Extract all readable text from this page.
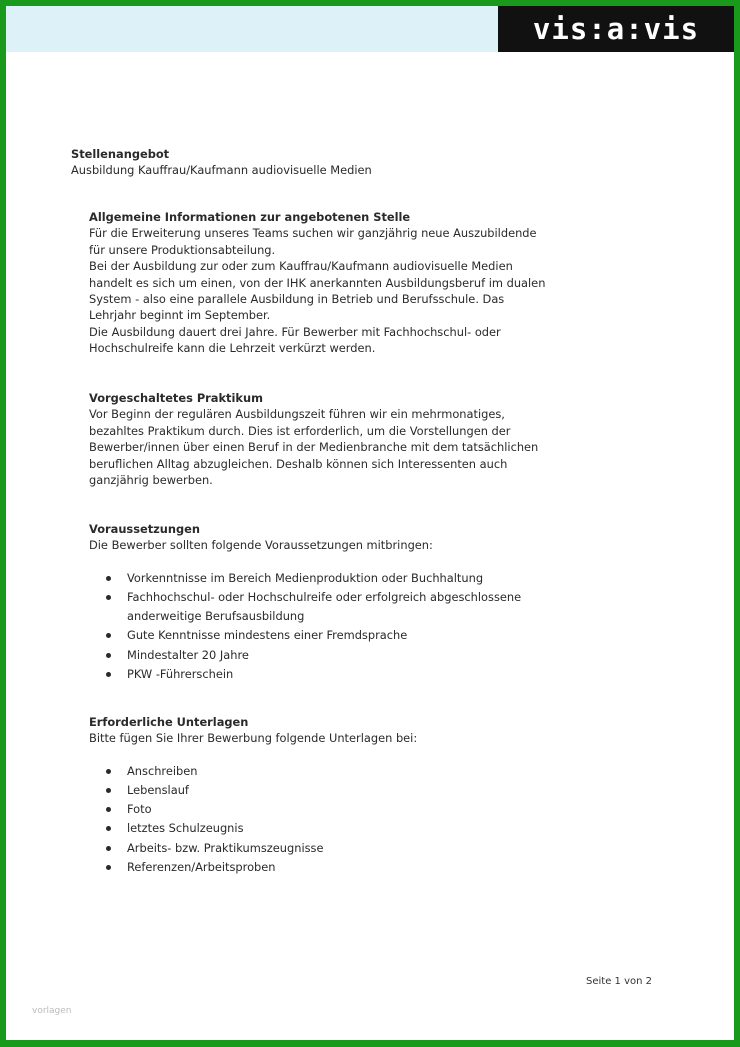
vis:a:vis
Stellenangebot
Ausbildung Kauffrau/Kaufmann audiovisuelle Medien
Allgemeine Informationen zur angebotenen Stelle

Für die Erweiterung unseres Teams suchen wir ganzjährig neue Auszubildende

für unsere Produktionsabteilung.

Bei der Ausbildung zur oder zum Kauffrau/Kaufmann audiovisuelle Medien

handelt es sich um einen, von der IHK anerkannten Ausbildungsberuf im dualen

System - also eine parallele Ausbildung in Betrieb und Berufsschule. Das

Lehrjahr beginnt im September.

Die Ausbildung dauert drei Jahre. Für Bewerber mit Fachhochschul- oder

Hochschulreife kann die Lehrzeit verkürzt werden.

Vorgeschaltetes Praktikum

Vor Beginn der regulären Ausbildungszeit führen wir ein mehrmonatiges,

bezahltes Praktikum durch. Dies ist erforderlich, um die Vorstellungen der

Bewerber/innen über einen Beruf in der Medienbranche mit dem tatsächlichen

beruflichen Alltag abzugleichen. Deshalb können sich Interessenten auch

ganzjährig bewerben.

Voraussetzungen

Die Bewerber sollten folgende Voraussetzungen mitbringen:

Vorkenntnisse im Bereich Medienproduktion oder Buchhaltung
Fachhochschul- oder Hochschulreife oder erfolgreich abgeschlossene anderweitige Berufsausbildung
Gute Kenntnisse mindestens einer Fremdsprache
Mindestalter 20 Jahre
PKW -Führerschein
Erforderliche Unterlagen

Bitte fügen Sie Ihrer Bewerbung folgende Unterlagen bei:

Anschreiben
Lebenslauf
Foto
letztes Schulzeugnis
Arbeits- bzw. Praktikumszeugnisse
Referenzen/Arbeitsproben
Seite 1 von 2
vorlagen
